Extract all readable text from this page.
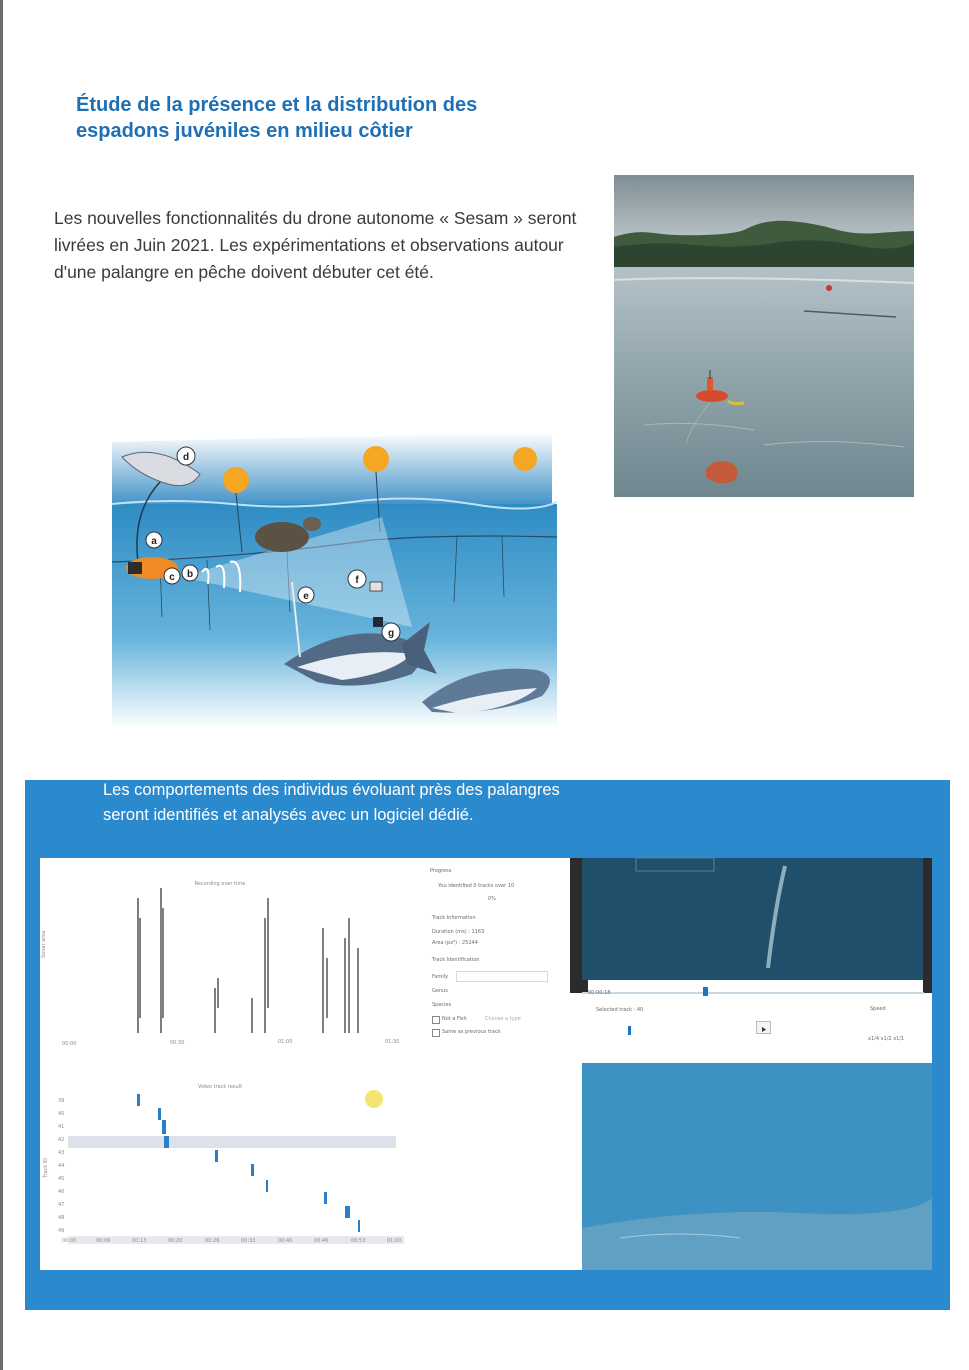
Étude de la présence et la distribution des espadons juvéniles en milieu côtier

Les nouvelles fonctionnalités du drone autonome « Sesam » seront livrées en Juin 2021. Les expérimentations et observations autour d'une palangre en pêche doivent débuter cet été.

d
a
c b
e
f
g

Les comportements des individus évoluant près des palangres seront identifiés et analysés avec un logiciel dédié.

Recording over time
Sonar area
00:00	00:30	01:00	01:30
Video track result
Track ID
39
40
41
42
43
44
45
46
47
48
49
00:00	00:06	00:13	00:20	00:26	00:33	00:40	00:46	00:53	01:00
Progress
You identified 0 tracks over 10
0%
Track Information
Duration (ms) : 1163
Area (px²) : 25244
Track Identification
Family
Genus
Species
Not a Fish	Choose a type
Same as previous track
00:00:18
Selected track : 40	Speed
x1/4 x1/2 x1/1
